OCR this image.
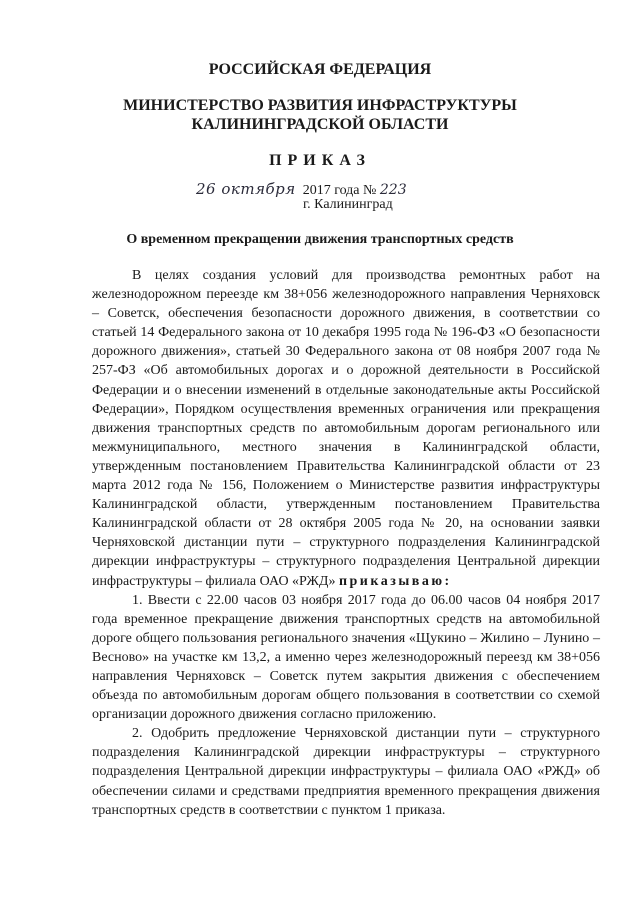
РОССИЙСКАЯ ФЕДЕРАЦИЯ

МИНИСТЕРСТВО РАЗВИТИЯ ИНФРАСТРУКТУРЫ

КАЛИНИНГРАДСКОЙ ОБЛАСТИ

ПРИКАЗ

26 октября 2017 года № 223
г. Калининград

О временном прекращении движения транспортных средств

В целях создания условий для производства ремонтных работ на железнодорожном переезде км 38+056 железнодорожного направления Черняховск – Советск, обеспечения безопасности дорожного движения, в соответствии со статьей 14 Федерального закона от 10 декабря 1995 года № 196-ФЗ «О безопасности дорожного движения», статьей 30 Федерального закона от 08 ноября 2007 года № 257-ФЗ «Об автомобильных дорогах и о дорожной деятельности в Российской Федерации и о внесении изменений в отдельные законодательные акты Российской Федерации», Порядком осуществления временных ограничения или прекращения движения транспортных средств по автомобильным дорогам регионального или межмуниципального, местного значения в Калининградской области, утвержденным постановлением Правительства Калининградской области от 23 марта 2012 года № 156, Положением о Министерстве развития инфраструктуры Калининградской области, утвержденным постановлением Правительства Калининградской области от 28 октября 2005 года № 20, на основании заявки Черняховской дистанции пути – структурного подразделения Калининградской дирекции инфраструктуры – структурного подразделения Центральной дирекции инфраструктуры – филиала ОАО «РЖД» приказываю:

1. Ввести с 22.00 часов 03 ноября 2017 года до 06.00 часов 04 ноября 2017 года временное прекращение движения транспортных средств на автомобильной дороге общего пользования регионального значения «Щукино – Жилино – Лунино – Весново» на участке км 13,2, а именно через железнодорожный переезд км 38+056 направления Черняховск – Советск путем закрытия движения с обеспечением объезда по автомобильным дорогам общего пользования в соответствии со схемой организации дорожного движения согласно приложению.

2. Одобрить предложение Черняховской дистанции пути – структурного подразделения Калининградской дирекции инфраструктуры – структурного подразделения Центральной дирекции инфраструктуры – филиала ОАО «РЖД» об обеспечении силами и средствами предприятия временного прекращения движения транспортных средств в соответствии с пунктом 1 приказа.
